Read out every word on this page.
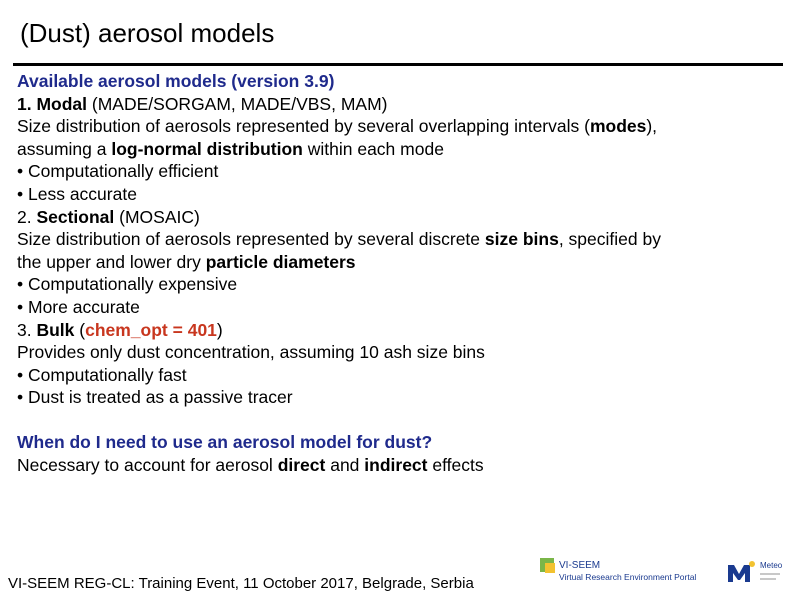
(Dust) aerosol models
Available aerosol models (version 3.9)
1. Modal (MADE/SORGAM, MADE/VBS, MAM)
Size distribution of aerosols represented by several overlapping intervals (modes),
assuming a log-normal distribution within each mode
• Computationally efficient
• Less accurate
2. Sectional (MOSAIC)
Size distribution of aerosols represented by several discrete size bins, specified by
the upper and lower dry particle diameters
• Computationally expensive
• More accurate
3. Bulk (chem_opt = 401)
Provides only dust concentration, assuming 10 ash size bins
• Computationally fast
• Dust is treated as a passive tracer
When do I need to use an aerosol model for dust?
Necessary to account for aerosol direct and indirect effects
VI-SEEM REG-CL: Training Event, 11 October 2017, Belgrade, Serbia
VI-SEEM
Virtual Research Environment Portal
Meteo
